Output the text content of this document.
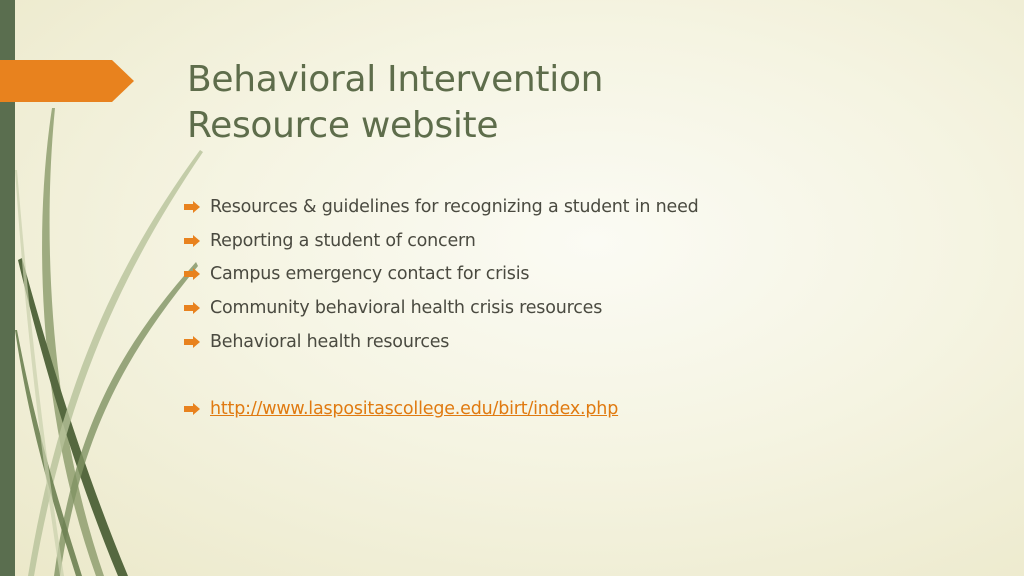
Behavioral Intervention
Resource website
Resources & guidelines for recognizing a student in need
Reporting a student of concern
Campus emergency contact for crisis
Community behavioral health crisis resources
Behavioral health resources
http://www.laspositascollege.edu/birt/index.php
